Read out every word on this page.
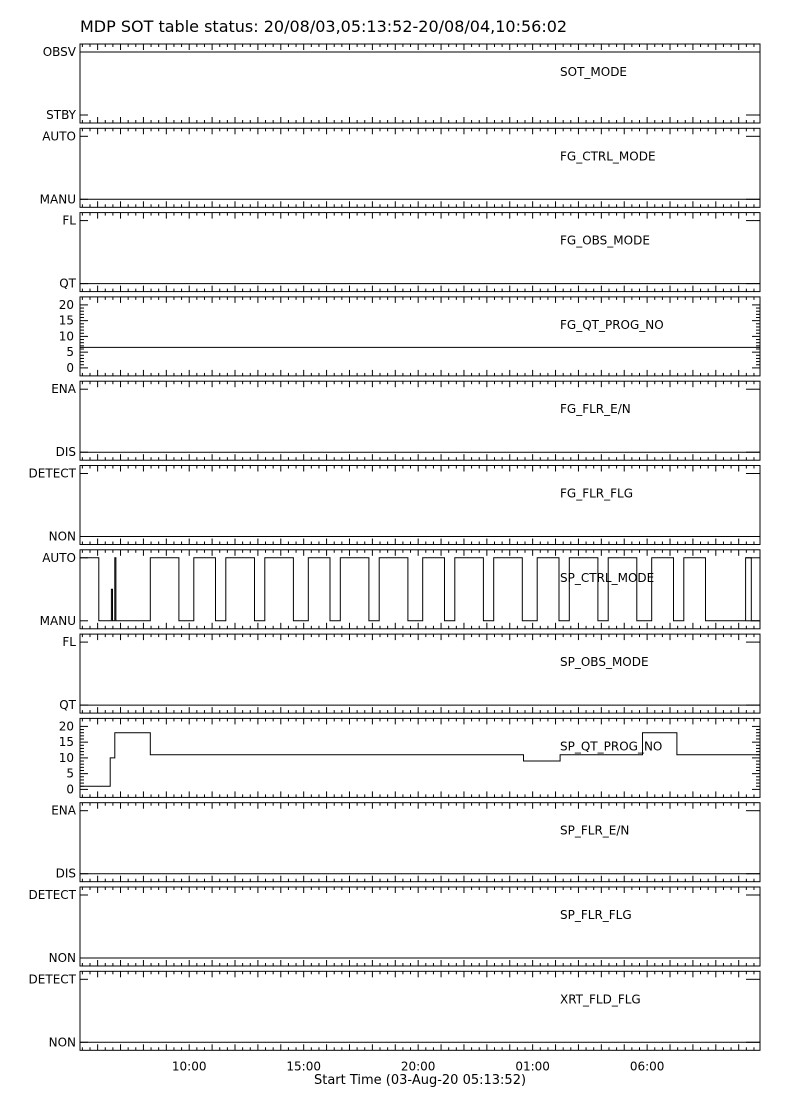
MDP SOT table status: 20/08/03,05:13:52-20/08/04,10:56:02
OBSV
STBY
SOT_MODE
AUTO
MANU
FG_CTRL_MODE
FL
QT
FG_OBS_MODE
0
5
10
15
20
FG_QT_PROG_NO
ENA
DIS
FG_FLR_E/N
DETECT
NON
FG_FLR_FLG
AUTO
MANU
SP_CTRL_MODE
FL
QT
SP_OBS_MODE
0
5
10
15
20
SP_QT_PROG_NO
ENA
DIS
SP_FLR_E/N
DETECT
NON
SP_FLR_FLG
DETECT
NON
XRT_FLD_FLG
10:00	15:00	20:00	01:00	06:00
Start Time (03-Aug-20 05:13:52)
